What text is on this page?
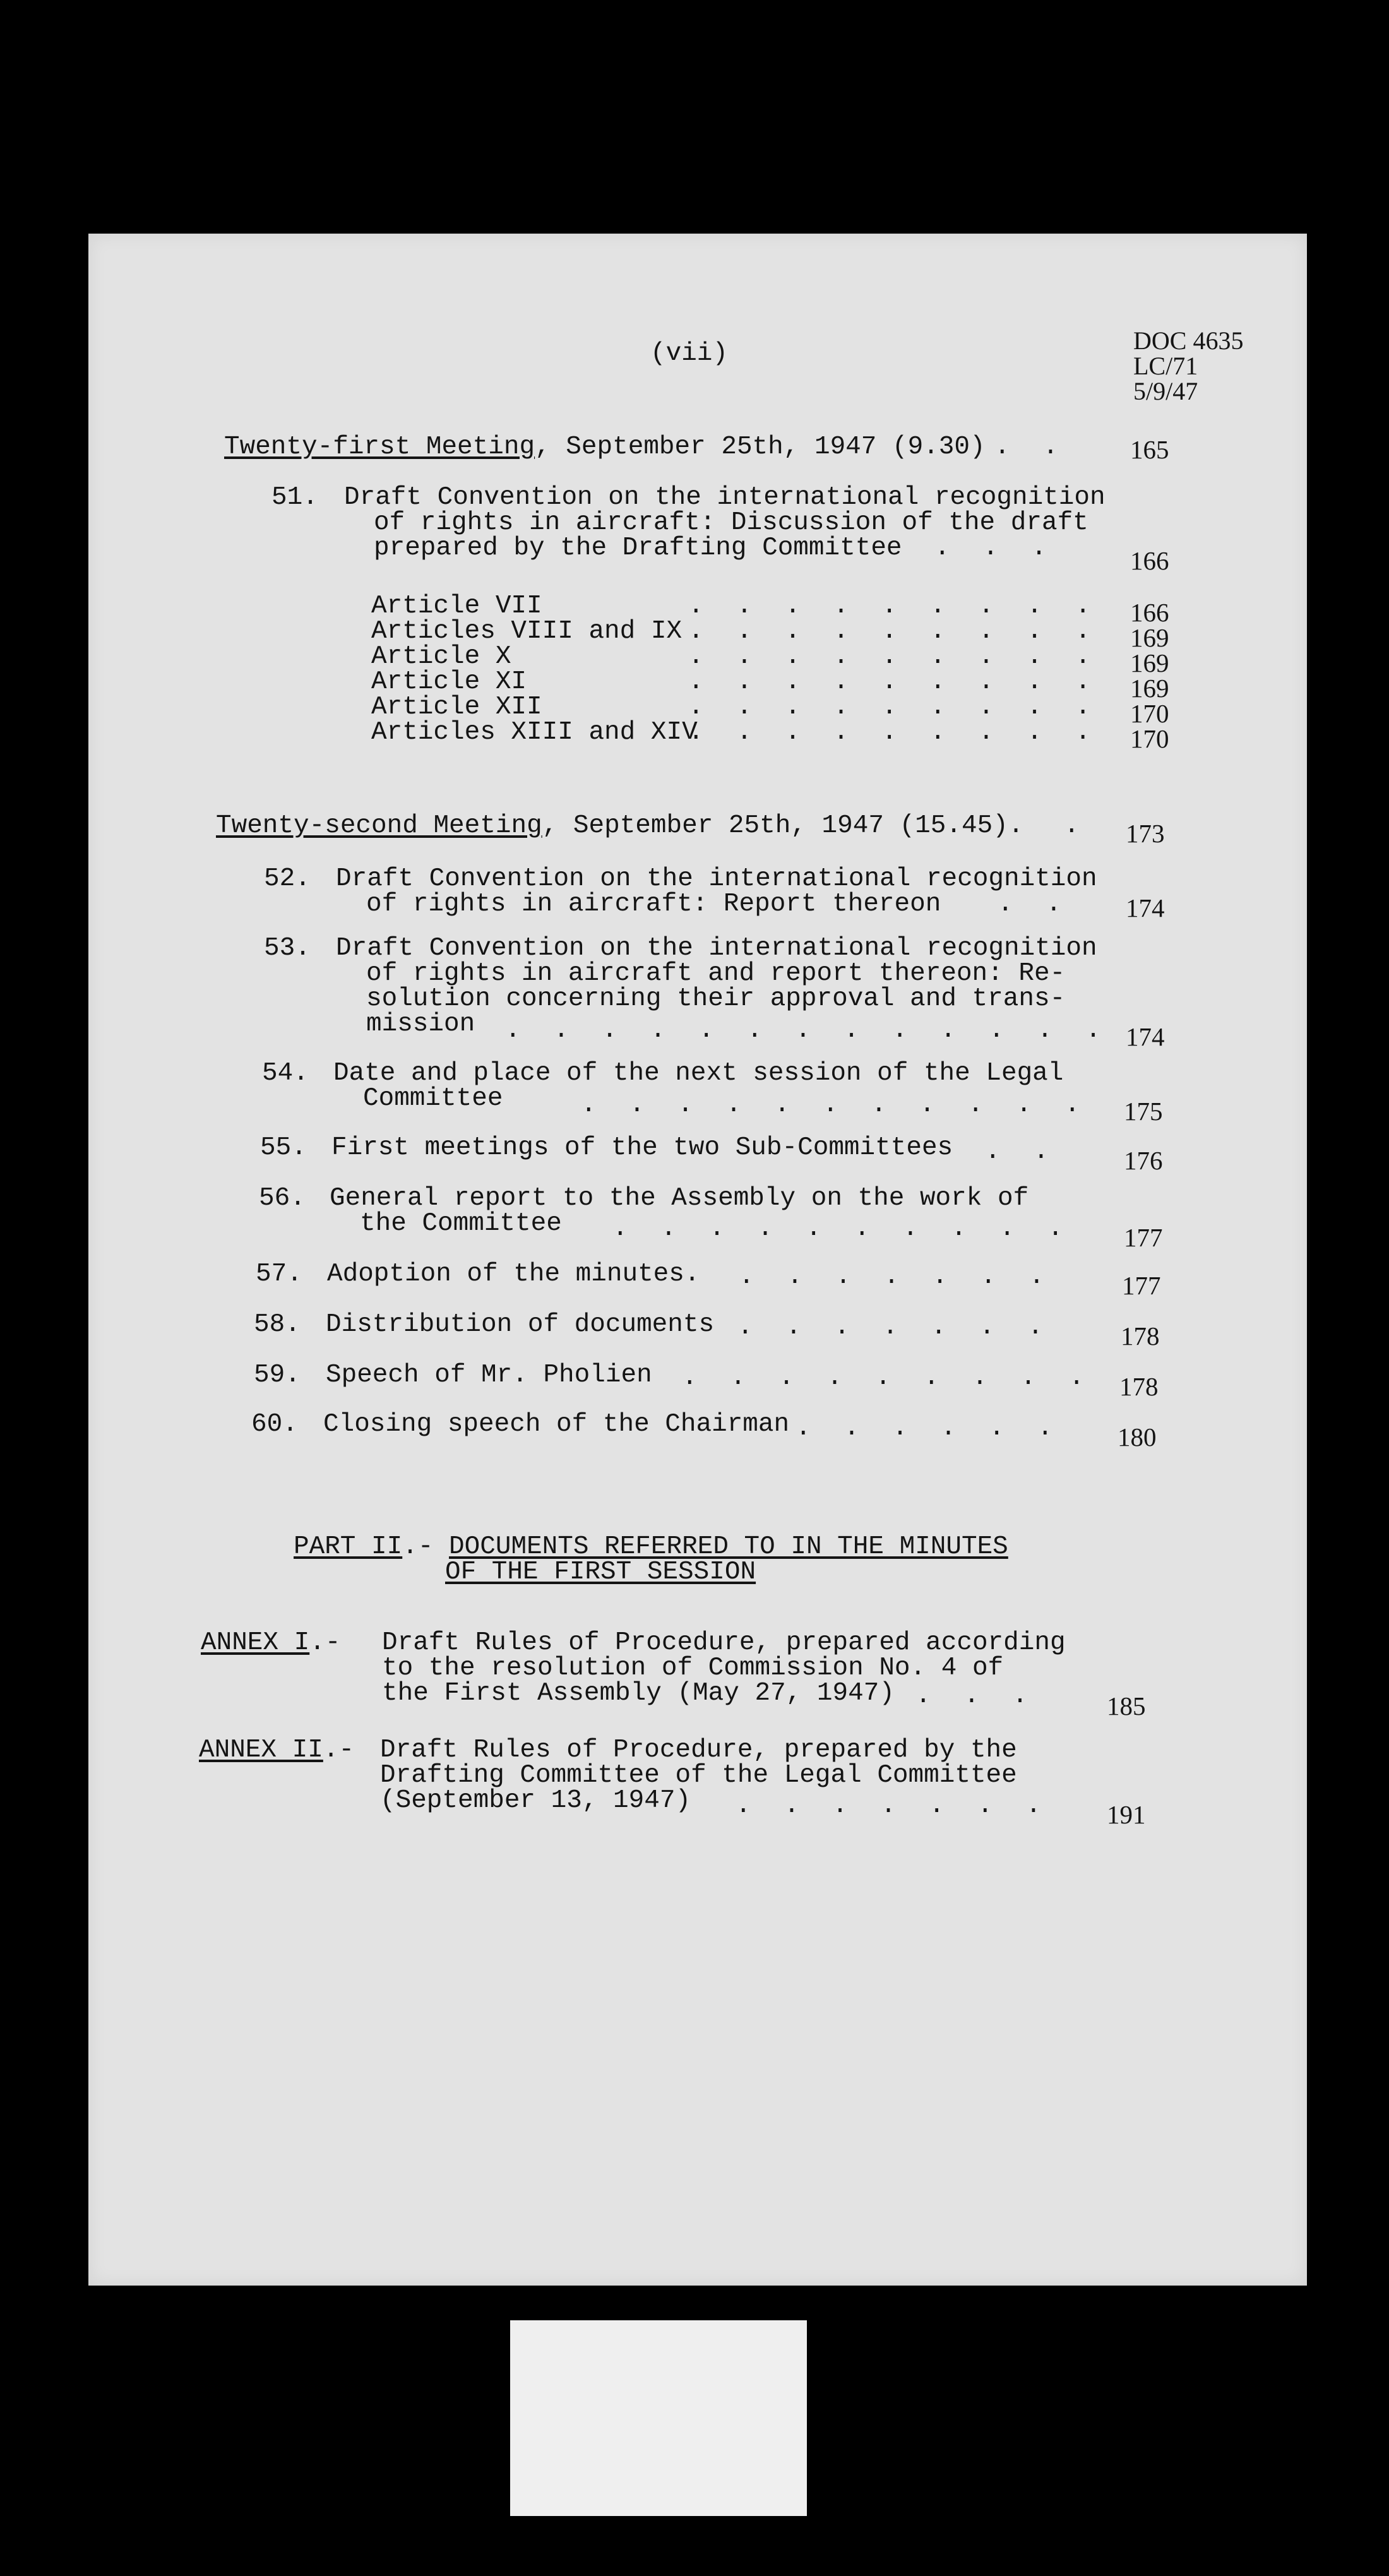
(vii)	DOC 4635
LC/71
5/9/47
Twenty-first Meeting, September 25th, 1947 (9.30) .. 165
51. Draft Convention on the international recognition
of rights in aircraft: Discussion of the draft
prepared by the Drafting Committee ... 166
Article VII
Articles VIII and IX
Article X
Article XI
Article XII
Articles XIII and XIV
.........
.........
.........
.........
.........
.........
166
169
169
169
170
170
Twenty-second Meeting, September 25th, 1947 (15.45). . 173
52. Draft Convention on the international recognition
of rights in aircraft: Report thereon .. 174
53. Draft Convention on the international recognition
of rights in aircraft and report thereon: Re-
solution concerning their approval and trans-
mission .............
174
54. Date and place of the next session of the Legal
Committee	........... 175
55. First meetings of the two Sub-Committees .. 176
56. General report to the Assembly on the work of
the Committee .......... 177
57. Adoption of the minutes. ....... 177
58. Distribution of documents ....... 178
59. Speech of Mr. Pholien ......... 178
60. Closing speech of the Chairman ...... 180
PART II.- DOCUMENTS REFERRED TO IN THE MINUTES
OF THE FIRST SESSION
ANNEX I.- Draft Rules of Procedure, prepared according
to the resolution of Commission No. 4 of
the First Assembly (May 27, 1947) ... 185
ANNEX II.- Draft Rules of Procedure, prepared by the
Drafting Committee of the Legal Committee
(September 13, 1947) ....... 191
